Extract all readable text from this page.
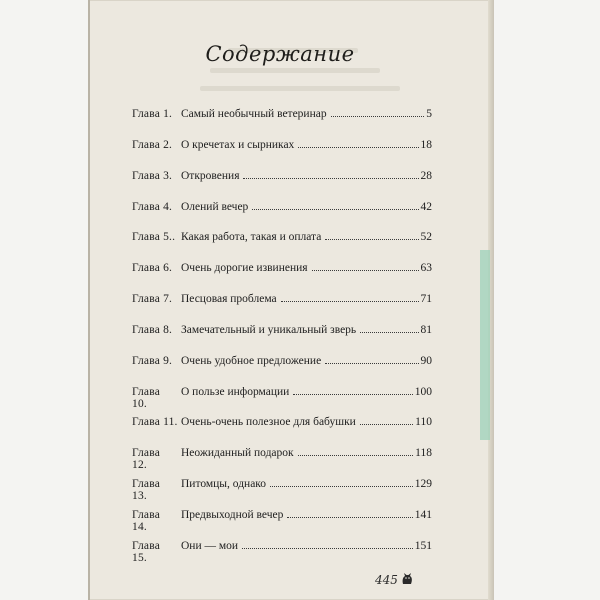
Содержание
Глава 1. Самый необычный ветеринар	5
Глава 2. О кречетах и сырниках	18
Глава 3. Откровения	28
Глава 4. Олений вечер	42
Глава 5.. Какая работа, такая и оплата	52
Глава 6. Очень дорогие извинения	63
Глава 7. Песцовая проблема	71
Глава 8. Замечательный и уникальный зверь	81
Глава 9. Очень удобное предложение	90
Глава 10.
О пользе информации	100
Глава 11. Очень-очень полезное для бабушки	110
Глава 12.
Неожиданный подарок	118
Глава 13.
Питомцы, однако	129
Глава 14.
Предвыходной вечер	141
Глава 15.
Они — мои	151
445
